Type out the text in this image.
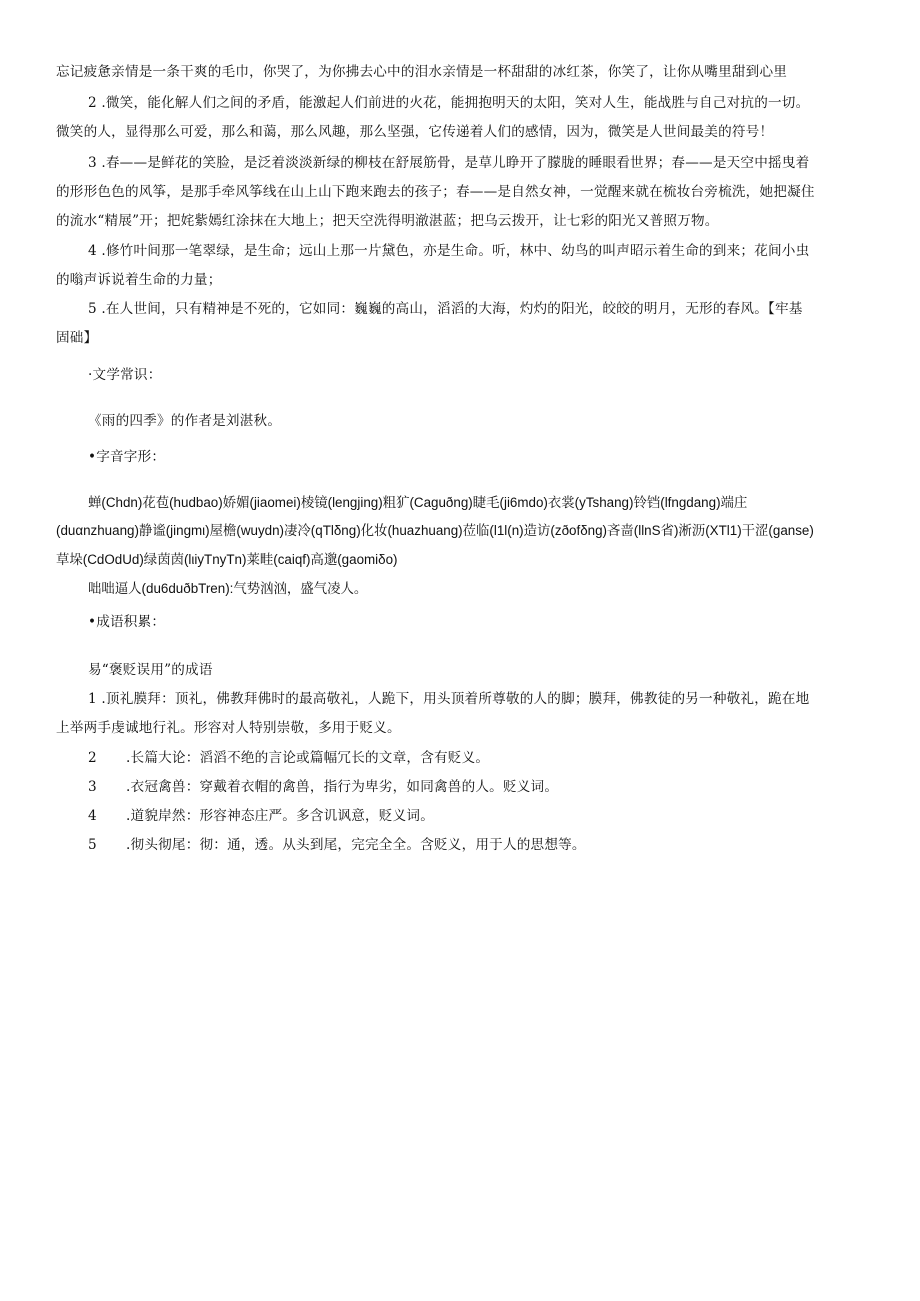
忘记疲惫亲情是一条干爽的毛巾，你哭了，为你拂去心中的泪水亲情是一杯甜甜的冰红茶，你笑了，让你从嘴里甜到心里
2 .微笑，能化解人们之间的矛盾，能激起人们前进的火花，能拥抱明天的太阳，笑对人生，能战胜与自己对抗的一切。
微笑的人，显得那么可爱，那么和蔼，那么风趣，那么坚强，它传递着人们的感情，因为，微笑是人世间最美的符号！
3 .春——是鲜花的笑脸，是泛着淡淡新绿的柳枝在舒展筋骨，是草儿睁开了朦胧的睡眼看世界；春——是天空中摇曳着
的形形色色的风筝，是那手牵风筝线在山上山下跑来跑去的孩子；春——是自然女神，一觉醒来就在梳妆台旁梳洗，她把凝住
的流水“精展”开；把姹紫嫣红涂抹在大地上；把天空洗得明澈湛蓝；把乌云拨开，让七彩的阳光又普照万物。
4 .修竹叶间那一笔翠绿，是生命；远山上那一片黛色，亦是生命。听，林中、幼鸟的叫声昭示着生命的到来；花间小虫
的嗡声诉说着生命的力量；
5 .在人世间，只有精神是不死的，它如同：巍巍的高山，滔滔的大海，灼灼的阳光，皎皎的明月，无形的春风。【牢基
固础】
·文学常识：
《雨的四季》的作者是刘湛秋。
•字音字形：
蝉(Chdn)花苞(hudbao)娇媚(jiaomei)棱镜(lengjing)粗犷(Caguðng)睫毛(ji6mdo)衣裳(yTshang)铃铛(lfngdang)端庄
(duαnzhuang)静谧(jingmι)屋檐(wuydn)凄冷(qTlδng)化妆(huazhuang)莅临(l1l(n)造访(zðofδng)吝啬(llnS省)淅沥(XTl1)干涩(ganse)
草垛(CdOdUd)绿茵茵(lιiyTnyTn)莱畦(caiqf)高邈(gaomiδo)
咄咄逼人(du6duðbTren):气势汹汹，盛气凌人。
•成语积累：
易“褒贬误用”的成语
1 .顶礼膜拜：顶礼，佛教拜佛时的最高敬礼，人跪下，用头顶着所尊敬的人的脚；膜拜，佛教徒的另一种敬礼，跪在地
上举两手虔诚地行礼。形容对人特别崇敬，多用于贬义。
2 .长篇大论：滔滔不绝的言论或篇幅冗长的文章，含有贬义。
3 .衣冠禽兽：穿戴着衣帽的禽兽，指行为卑劣，如同禽兽的人。贬义词。
4 .道貌岸然：形容神态庄严。多含讥讽意，贬义词。
5 .彻头彻尾：彻：通，透。从头到尾，完完全全。含贬义，用于人的思想等。
